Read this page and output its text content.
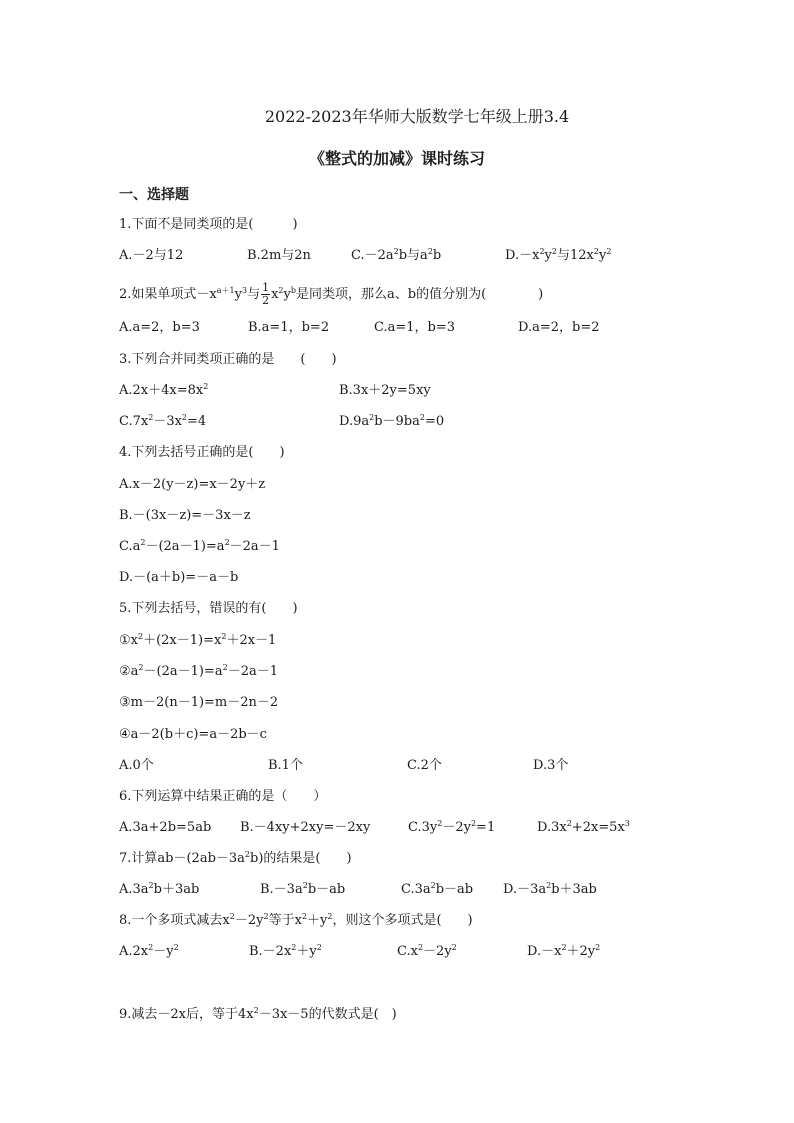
2022-2023年华师大版数学七年级上册3.4
《整式的加减》课时练习
一、选择题
1.下面不是同类项的是(　　　)
A.－2与12	B.2m与2n	$C.-2a^2b$与$a^2b$	$D.-x^2y^2$与$12x^2y^2$
2.如果单项式$-x^{a+1}y^3$与 $\frac{1}{2} x^2y^b$是同类项，那么a、b的值分别为(　　　　)
A.a=2，b=3	B.a=1，b=2	C.a=1，b=3	D.a=2，b=2
3.下列合并同类项正确的是　　(　　)
$A.2x+4x=8x^2$	B.3x＋2y=5xy
$C.7x^2-3x^2=4$	$D.9a^2b-9ba^2=0$
4.下列去括号正确的是(　　)
A.x－2(y－z)=x－2y＋z
B.－(3x－z)=－3x－z
$C.a^2-(2a-1)=a^2-2a-1$
D.－(a＋b)=－a－b
5.下列去括号，错误的有(　　)
$①x^2+(2x-1)=x^2+2x-1$
$②a^2-(2a-1)=a^2-2a-1$
③m－2(n－1)=m－2n－2
④a－2(b＋c)=a－2b－c
A.0个	B.1个	C.2个	D.3个
6.下列运算中结果正确的是（　　）
A.3a+2b=5ab B.－4xy+2xy=－2xy	$C.3y^2-2y^2=1$	$D.3x^2+2x=5x^3$
7.计算$ab-(2ab-3a^2b)$的结果是(　　)
$A.3a^2b+3ab$	$B.-3a^2b-ab$	$C.3a^2b-ab$ $D.-3a^2b+3ab$
8.一个多项式减去$x^2-2y^2$等于$x^2+y^2$，则这个多项式是(　　)
$A.2x^2-y^2$	$B.-2x^2+y^2$	$C.x^2-2y^2$	$D.-x^2+2y^2$
9.减去－2x后，等于$4x^2-3x-5$的代数式是(　)
